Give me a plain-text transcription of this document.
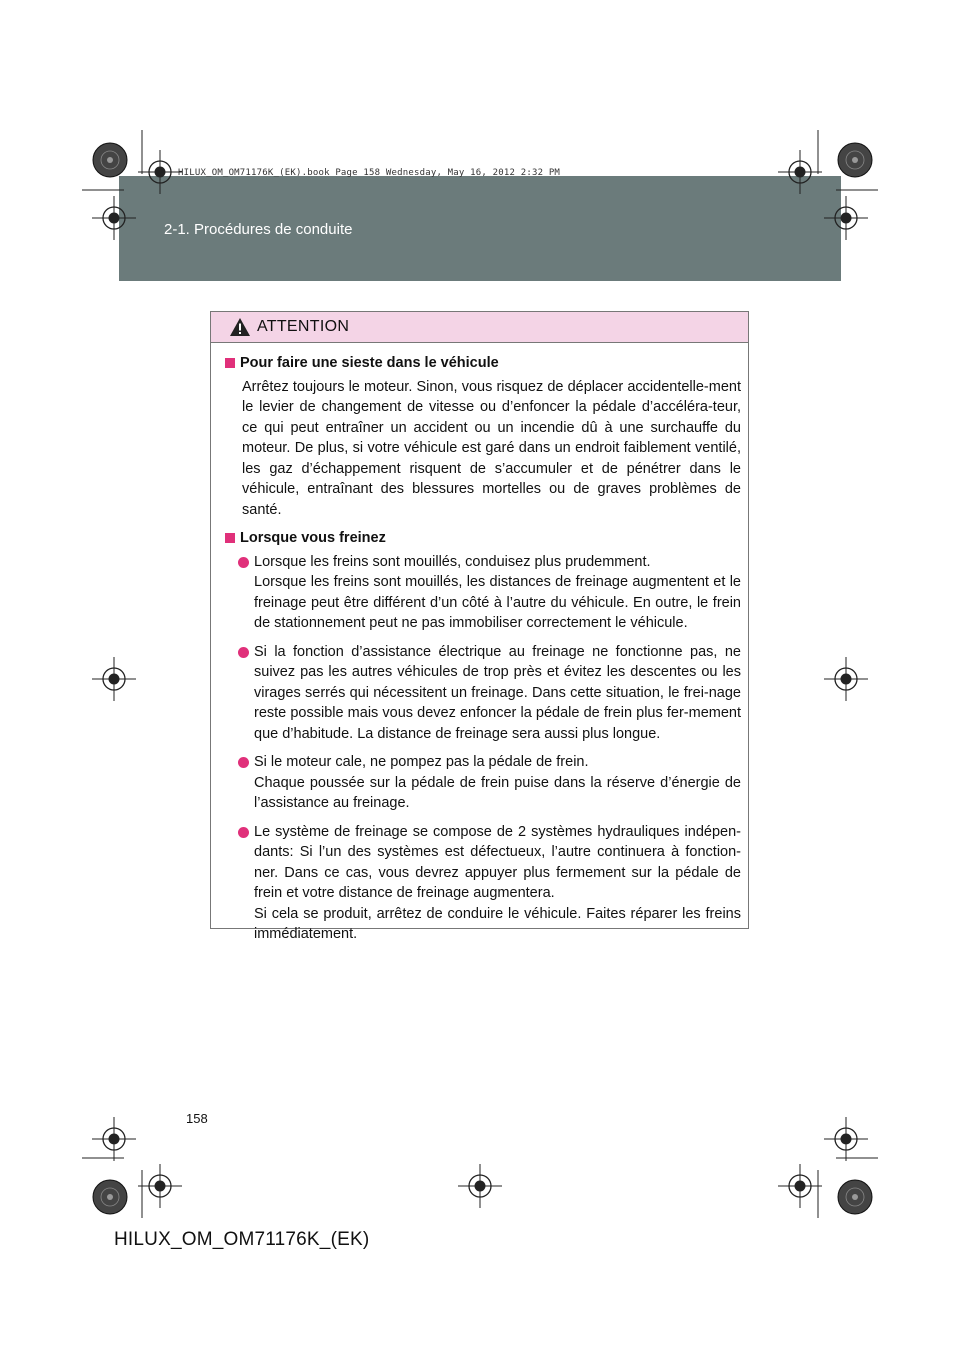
2-1. Procédures de conduite
HILUX_OM_OM71176K_(EK).book Page 158 Wednesday, May 16, 2012 2:32 PM
ATTENTION
Pour faire une sieste dans le véhicule
Arrêtez toujours le moteur. Sinon, vous risquez de déplacer accidentelle-ment le levier de changement de vitesse ou d’enfoncer la pédale d’accéléra-teur, ce qui peut entraîner un accident ou un incendie dû à une surchauffe du moteur. De plus, si votre véhicule est garé dans un endroit faiblement ventilé, les gaz d’échappement risquent de s’accumuler et de pénétrer dans le véhicule, entraînant des blessures mortelles ou de graves problèmes de santé.
Lorsque vous freinez
Lorsque les freins sont mouillés, conduisez plus prudemment.
Lorsque les freins sont mouillés, les distances de freinage augmentent et le freinage peut être différent d’un côté à l’autre du véhicule. En outre, le frein de stationnement peut ne pas immobiliser correctement le véhicule.
Si la fonction d’assistance électrique au freinage ne fonctionne pas, ne suivez pas les autres véhicules de trop près et évitez les descentes ou les virages serrés qui nécessitent un freinage. Dans cette situation, le frei-nage reste possible mais vous devez enfoncer la pédale de frein plus fer-mement que d’habitude. La distance de freinage sera aussi plus longue.
Si le moteur cale, ne pompez pas la pédale de frein.
Chaque poussée sur la pédale de frein puise dans la réserve d’énergie de l’assistance au freinage.
Le système de freinage se compose de 2 systèmes hydrauliques indépen-dants: Si l’un des systèmes est défectueux, l’autre continuera à fonction-ner. Dans ce cas, vous devrez appuyer plus fermement sur la pédale de frein et votre distance de freinage augmentera.
Si cela se produit, arrêtez de conduire le véhicule. Faites réparer les freins immédiatement.
158
HILUX_OM_OM71176K_(EK)
